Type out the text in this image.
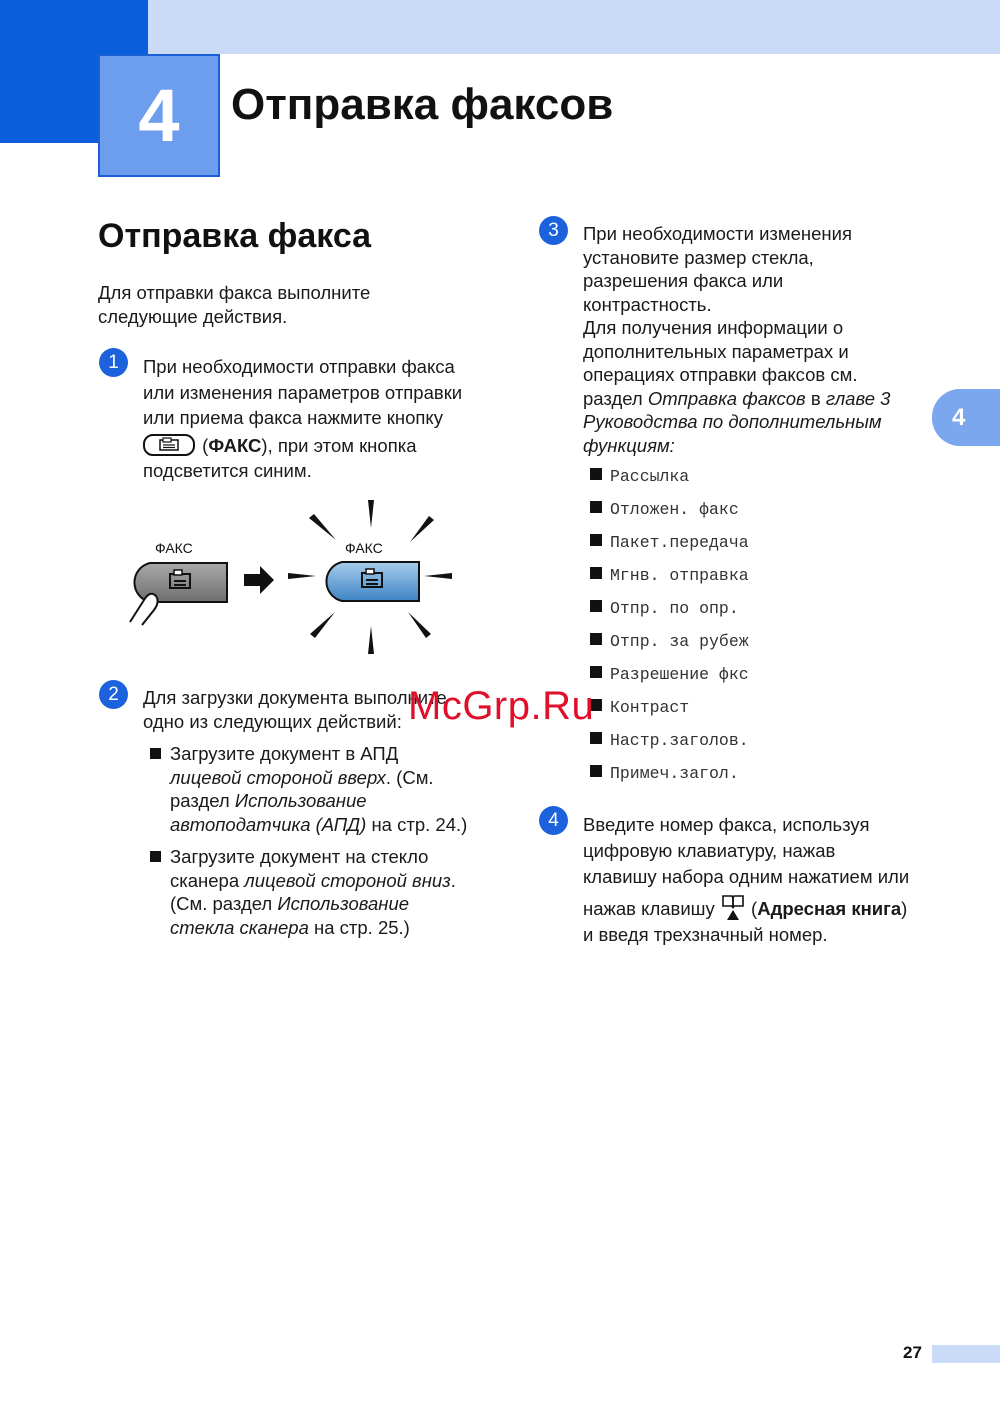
4	Отправка факсов
4
Отправка факса
Для отправки факса выполните
следующие действия.
1	При необходимости отправки факса
или изменения параметров отправки
или приема факса нажмите кнопку
(ФАКС), при этом кнопка
подсветится синим.
ФАКС	ФАКС
2	Для загрузки документа выполните
одно из следующих действий:
Загрузите документ в АПД
лицевой стороной вверх. (См.
раздел Использование
автоподатчика (АПД) на стр. 24.)
Загрузите документ на стекло
сканера лицевой стороной вниз.
(См. раздел Использование
стекла сканера на стр. 25.)
3	При необходимости изменения
установите размер стекла,
разрешения факса или
контрастность.
Для получения информации о
дополнительных параметрах и
операциях отправки факсов см.
раздел Отправка факсов в главе 3
Руководства по дополнительным
функциям:
Рассылка
Отложен. факс
Пакет.передача
Мгнв. отправка
Отпр. по опр.
Отпр. за рубеж
Разрешение фкс
Контраст
Настр.заголов.
Примеч.загол.
4	Введите номер факса, используя
цифровую клавиатуру, нажав
клавишу набора одним нажатием или
нажав клавишу  (Адресная книга)
и введя трехзначный номер.
McGrp.Ru
27
